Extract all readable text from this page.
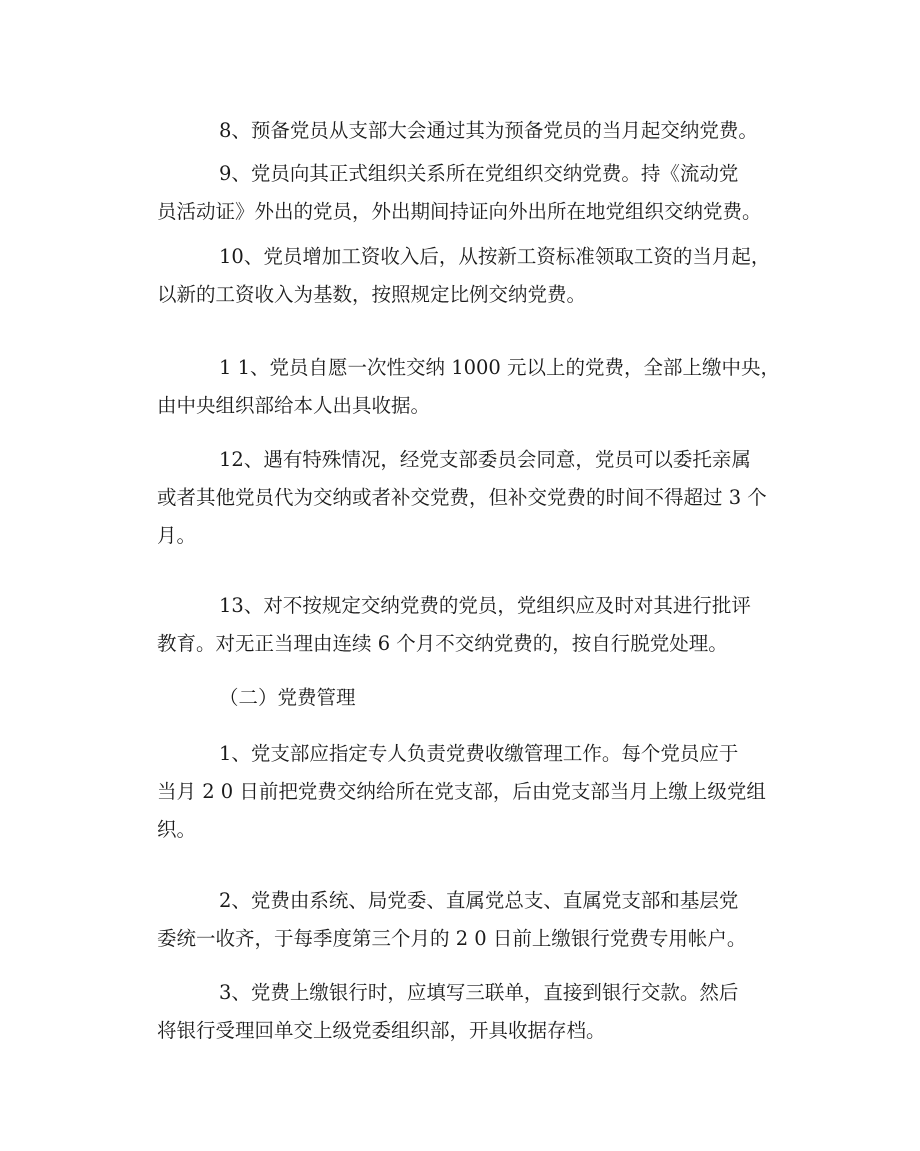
8、预备党员从支部大会通过其为预备党员的当月起交纳党费。
9、党员向其正式组织关系所在党组织交纳党费。持《流动党
员活动证》外出的党员，外出期间持证向外出所在地党组织交纳党费。
10、党员增加工资收入后，从按新工资标准领取工资的当月起，
以新的工资收入为基数，按照规定比例交纳党费。
1 1、党员自愿一次性交纳 1000 元以上的党费，全部上缴中央，
由中央组织部给本人出具收据。
12、遇有特殊情况，经党支部委员会同意，党员可以委托亲属
或者其他党员代为交纳或者补交党费，但补交党费的时间不得超过 3 个
月。
13、对不按规定交纳党费的党员，党组织应及时对其进行批评
教育。对无正当理由连续 6 个月不交纳党费的，按自行脱党处理。
（二）党费管理
1、党支部应指定专人负责党费收缴管理工作。每个党员应于
当月 2 0 日前把党费交纳给所在党支部，后由党支部当月上缴上级党组
织。
2、党费由系统、局党委、直属党总支、直属党支部和基层党
委统一收齐，于每季度第三个月的 2 0 日前上缴银行党费专用帐户。
3、党费上缴银行时，应填写三联单，直接到银行交款。然后
将银行受理回单交上级党委组织部，开具收据存档。
